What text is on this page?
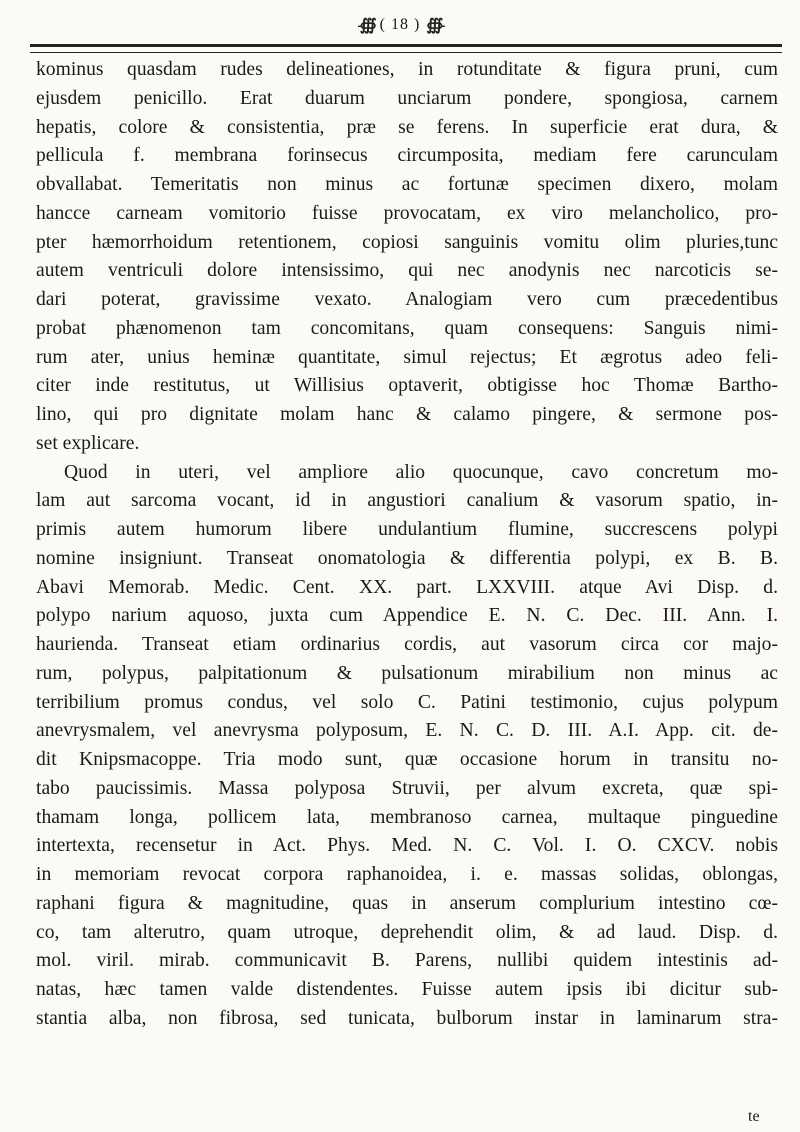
-∰ ( 18 ) ∰-
kominus quasdam rudes delineationes, in rotunditate & figura pruni, cum
ejusdem penicillo. Erat duarum unciarum pondere, spongiosa, carnem
hepatis, colore & consistentia, præ se ferens. In superficie erat dura, &
pellicula f. membrana forinsecus circumposita, mediam fere carunculam
obvallabat. Temeritatis non minus ac fortunæ specimen dixero, molam
hancce carneam vomitorio fuisse provocatam, ex viro melancholico, pro-
pter hæmorrhoidum retentionem, copiosi sanguinis vomitu olim pluries,tunc
autem ventriculi dolore intensissimo, qui nec anodynis nec narcoticis se-
dari poterat, gravissime vexato. Analogiam vero cum præcedentibus
probat phænomenon tam concomitans, quam consequens: Sanguis nimi-
rum ater, unius heminæ quantitate, simul rejectus; Et ægrotus adeo feli-
citer inde restitutus, ut Willisius optaverit, obtigisse hoc Thomæ Bartho-
lino, qui pro dignitate molam hanc & calamo pingere, & sermone pos-
set explicare.
Quod in uteri, vel ampliore alio quocunque, cavo concretum mo-
lam aut sarcoma vocant, id in angustiori canalium & vasorum spatio, in-
primis autem humorum libere undulantium flumine, succrescens polypi
nomine insigniunt. Transeat onomatologia & differentia polypi, ex B. B.
Abavi Memorab. Medic. Cent. XX. part. LXXVIII. atque Avi Disp. d.
polypo narium aquoso, juxta cum Appendice E. N. C. Dec. III. Ann. I.
haurienda. Transeat etiam ordinarius cordis, aut vasorum circa cor majo-
rum, polypus, palpitationum & pulsationum mirabilium non minus ac
terribilium promus condus, vel solo C. Patini testimonio, cujus polypum
anevrysmalem, vel anevrysma polyposum, E. N. C. D. III. A.I. App. cit. de-
dit Knipsmacoppe. Tria modo sunt, quæ occasione horum in transitu no-
tabo paucissimis. Massa polyposa Struvii, per alvum excreta, quæ spi-
thamam longa, pollicem lata, membranoso carnea, multaque pinguedine
intertexta, recensetur in Act. Phys. Med. N. C. Vol. I. O. CXCV. nobis
in memoriam revocat corpora raphanoidea, i. e. massas solidas, oblongas,
raphani figura & magnitudine, quas in anserum complurium intestino cœ-
co, tam alterutro, quam utroque, deprehendit olim, & ad laud. Disp. d.
mol. viril. mirab. communicavit B. Parens, nullibi quidem intestinis ad-
natas, hæc tamen valde distendentes. Fuisse autem ipsis ibi dicitur sub-
stantia alba, non fibrosa, sed tunicata, bulborum instar in laminarum stra-
te
